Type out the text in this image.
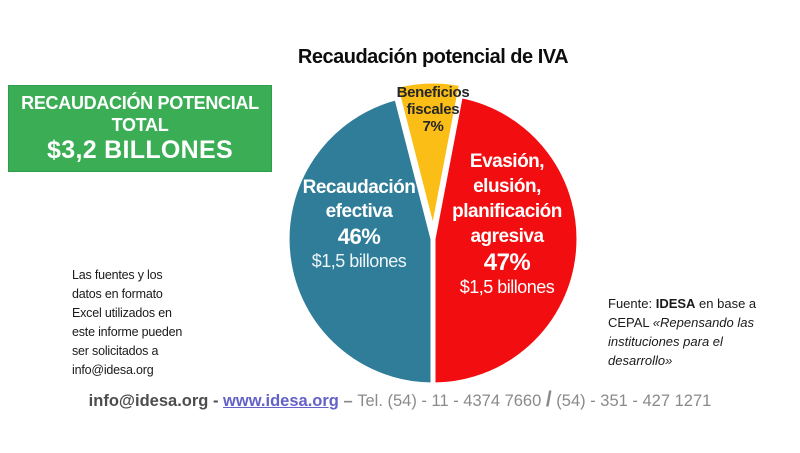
Recaudación potencial de IVA
RECAUDACIÓN POTENCIAL
TOTAL
$3,2 BILLONES
Beneficios
fiscales
7%
Recaudación
efectiva
46%
$1,5 billones
Evasión,
elusión,
planificación
agresiva
47%
$1,5 billones
Las fuentes y los
datos en formato
Excel utilizados en
este informe pueden
ser solicitados a
info@idesa.org
Fuente: IDESA en base a
CEPAL «Repensando las
instituciones para el
desarrollo»
info@idesa.org - www.idesa.org – Tel. (54) - 11 - 4374 7660 / (54) - 351 - 427 1271
